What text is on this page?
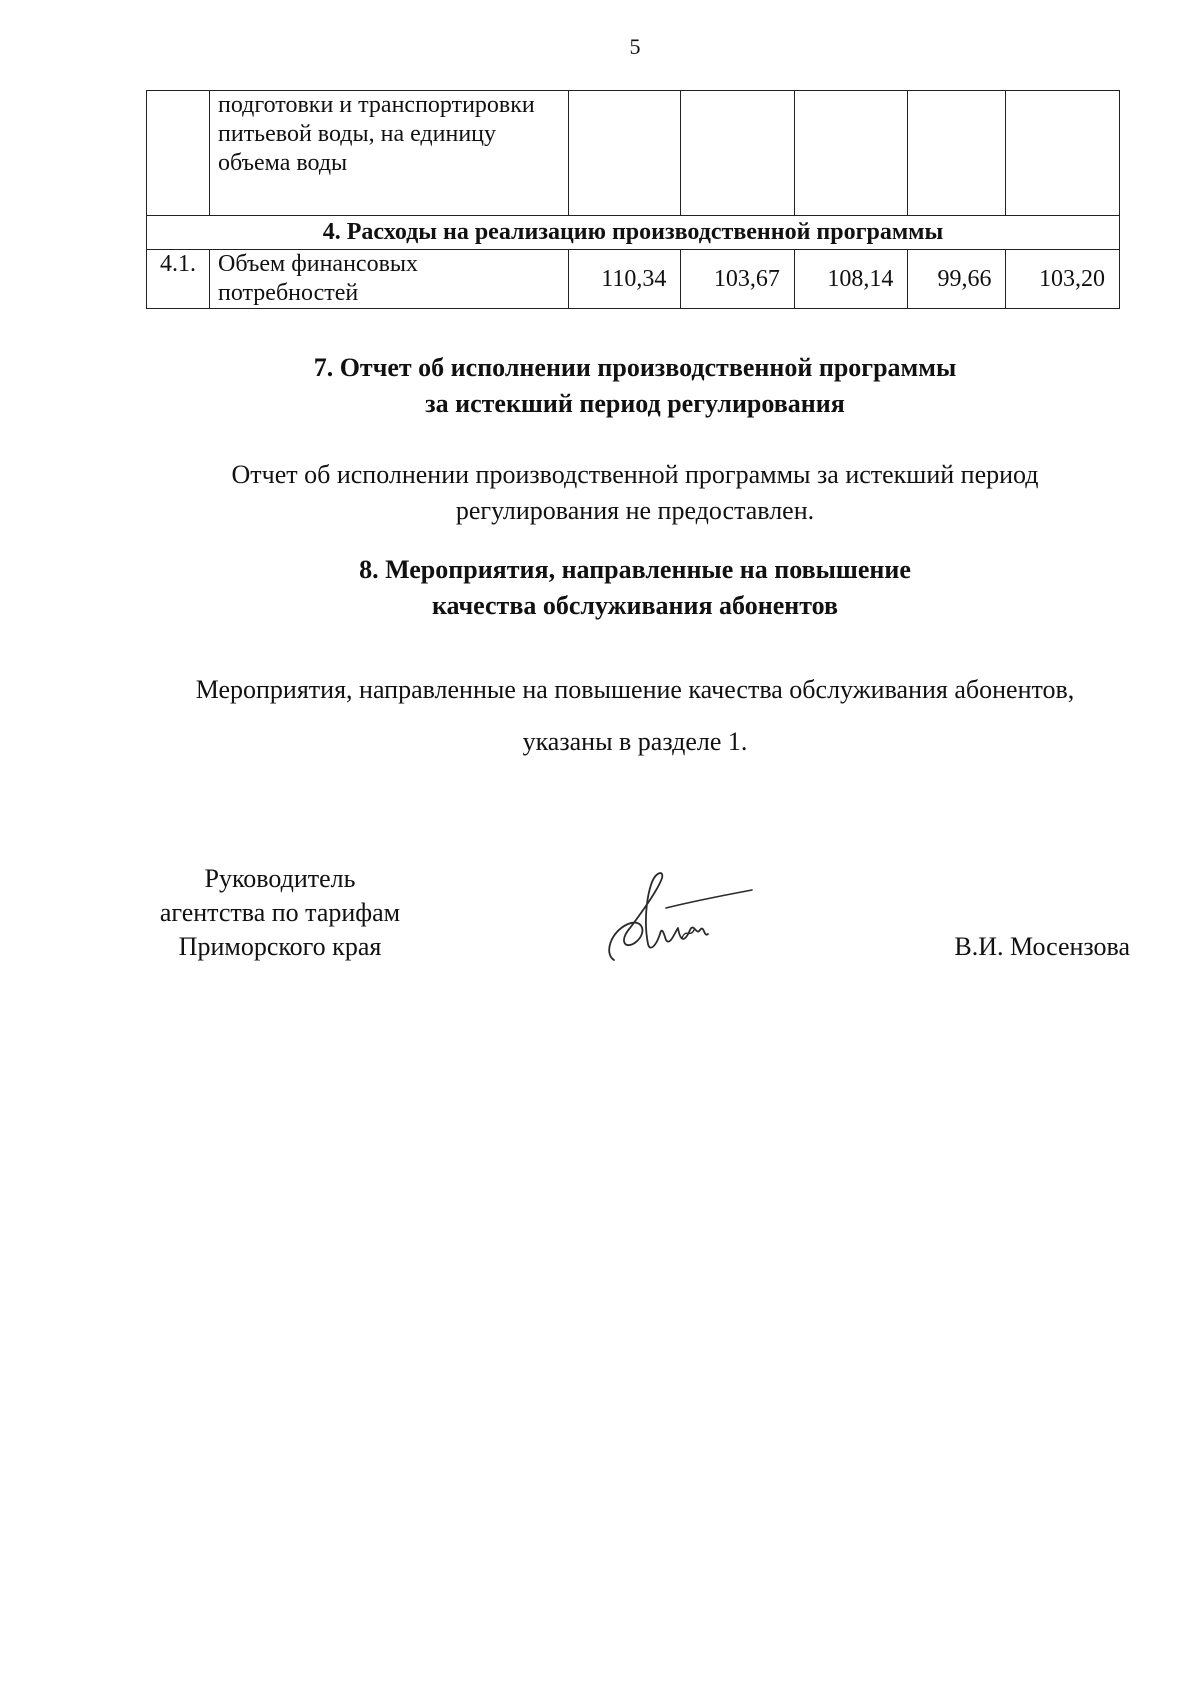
5
	подготовки и транспортировки питьевой воды, на единицу объема воды					
4. Расходы на реализацию производственной программы						
4.1.	Объем финансовых потребностей	110,34	103,67	108,14	99,66	103,20
7. Отчет об исполнении производственной программы
за истекший период регулирования
Отчет об исполнении производственной программы за истекший период
регулирования не предоставлен.
8. Мероприятия, направленные на повышение
качества обслуживания абонентов
Мероприятия, направленные на повышение качества обслуживания абонентов,
указаны в разделе 1.
Руководитель
агентства по тарифам
Приморского края	В.И. Мосензова
